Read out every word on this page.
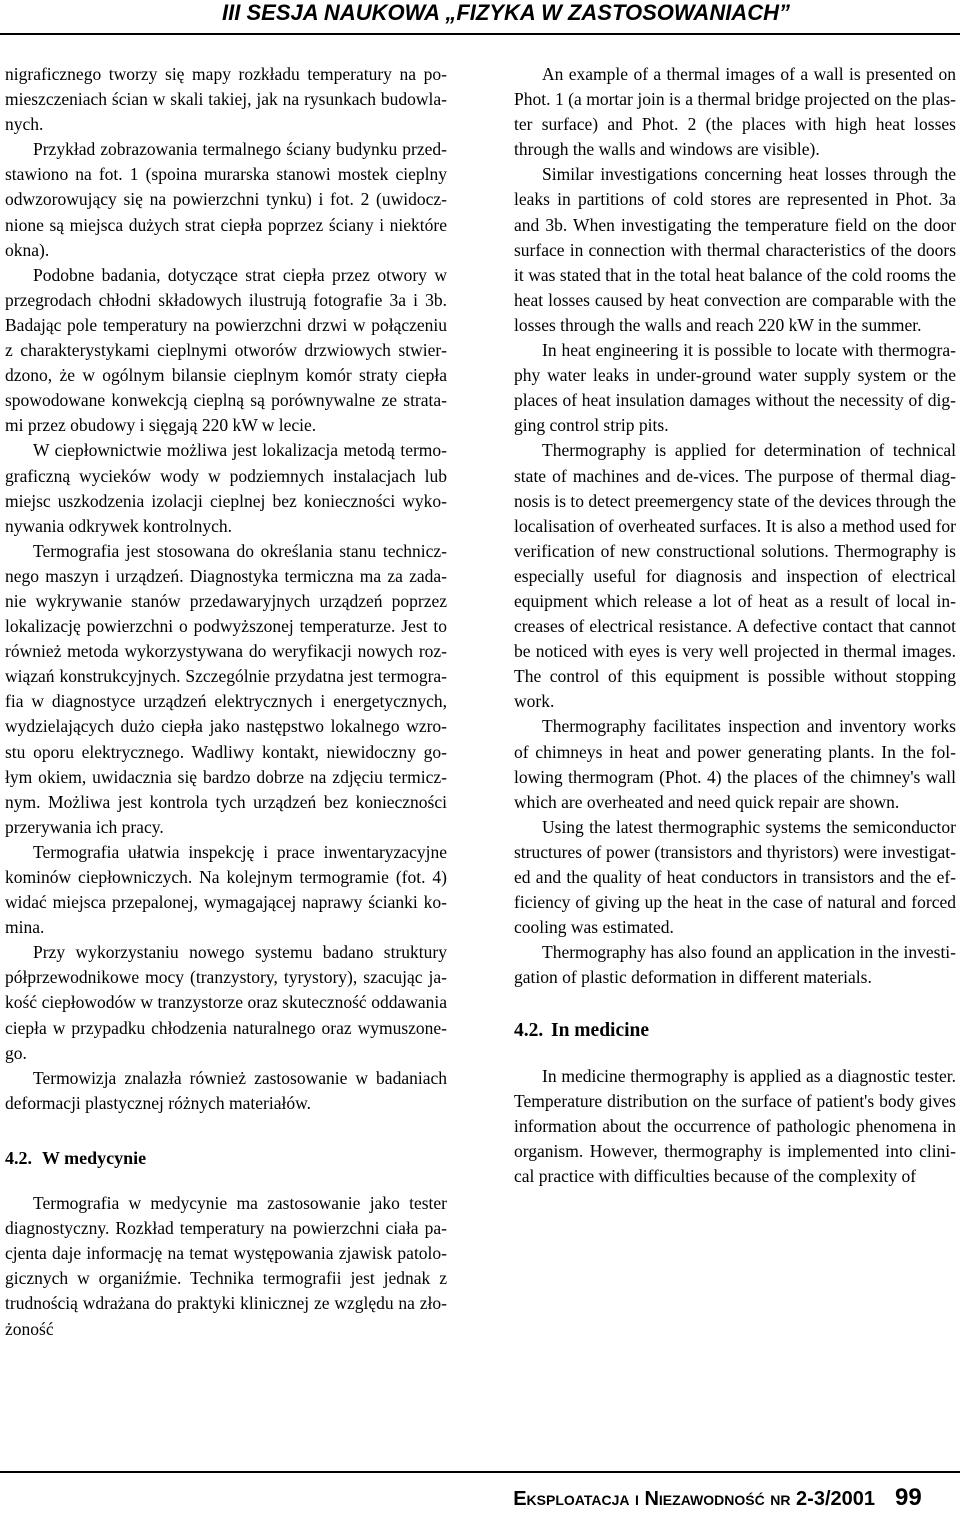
III SESJA NAUKOWA „FIZYKA W ZASTOSOWANIACH”

nigraficznego tworzy się mapy rozkładu temperatury na pomieszczeniach ścian w skali takiej, jak na rysunkach budowlanych.

Przykład zobrazowania termalnego ściany budynku przedstawiono na fot. 1 (spoina murarska stanowi mostek cieplny odwzorowujący się na powierzchni tynku) i fot. 2 (uwidocznione są miejsca dużych strat ciepła poprzez ściany i niektóre okna).

Podobne badania, dotyczące strat ciepła przez otwory w przegrodach chłodni składowych ilustrują fotografie 3a i 3b. Badając pole temperatury na powierzchni drzwi w połączeniu z charakterystykami cieplnymi otworów drzwiowych stwierdzono, że w ogólnym bilansie cieplnym komór straty ciepła spowodowane konwekcją cieplną są porównywalne ze stratami przez obudowy i sięgają 220 kW w lecie.

W ciepłownictwie możliwa jest lokalizacja metodą termograficzną wycieków wody w podziemnych instalacjach lub miejsc uszkodzenia izolacji cieplnej bez konieczności wykonywania odkrywek kontrolnych.

Termografia jest stosowana do określania stanu technicznego maszyn i urządzeń. Diagnostyka termiczna ma za zadanie wykrywanie stanów przedawaryjnych urządzeń poprzez lokalizację powierzchni o podwyższonej temperaturze. Jest to również metoda wykorzystywana do weryfikacji nowych rozwiązań konstrukcyjnych. Szczególnie przydatna jest termografia w diagnostyce urządzeń elektrycznych i energetycznych, wydzielających dużo ciepła jako następstwo lokalnego wzrostu oporu elektrycznego. Wadliwy kontakt, niewidoczny gołym okiem, uwidacznia się bardzo dobrze na zdjęciu termicznym. Możliwa jest kontrola tych urządzeń bez konieczności przerywania ich pracy.

Termografia ułatwia inspekcję i prace inwentaryzacyjne kominów ciepłowniczych. Na kolejnym termogramie (fot. 4) widać miejsca przepalonej, wymagającej naprawy ścianki komina.

Przy wykorzystaniu nowego systemu badano struktury półprzewodnikowe mocy (tranzystory, tyrystory), szacując jakość ciepłowodów w tranzystorze oraz skuteczność oddawania ciepła w przypadku chłodzenia naturalnego oraz wymuszonego.

Termowizja znalazła również zastosowanie w badaniach deformacji plastycznej różnych materiałów.

4.2. W medycynie

Termografia w medycynie ma zastosowanie jako tester diagnostyczny. Rozkład temperatury na powierzchni ciała pacjenta daje informację na temat występowania zjawisk patologicznych w organiźmie. Technika termografii jest jednak z trudnością wdrażana do praktyki klinicznej ze względu na złożoność

An example of a thermal images of a wall is presented on Phot. 1 (a mortar join is a thermal bridge projected on the plaster surface) and Phot. 2 (the places with high heat losses through the walls and windows are visible).

Similar investigations concerning heat losses through the leaks in partitions of cold stores are represented in Phot. 3a and 3b. When investigating the temperature field on the door surface in connection with thermal characteristics of the doors it was stated that in the total heat balance of the cold rooms the heat losses caused by heat convection are comparable with the losses through the walls and reach 220 kW in the summer.

In heat engineering it is possible to locate with thermography water leaks in under-ground water supply system or the places of heat insulation damages without the necessity of digging control strip pits.

Thermography is applied for determination of technical state of machines and de-vices. The purpose of thermal diagnosis is to detect preemergency state of the devices through the localisation of overheated surfaces. It is also a method used for verification of new constructional solutions. Thermography is especially useful for diagnosis and inspection of electrical equipment which release a lot of heat as a result of local increases of electrical resistance. A defective contact that cannot be noticed with eyes is very well projected in thermal images. The control of this equipment is possible without stopping work.

Thermography facilitates inspection and inventory works of chimneys in heat and power generating plants. In the following thermogram (Phot. 4) the places of the chimney's wall which are overheated and need quick repair are shown.

Using the latest thermographic systems the semiconductor structures of power (transistors and thyristors) were investigated and the quality of heat conductors in transistors and the efficiency of giving up the heat in the case of natural and forced cooling was estimated.

Thermography has also found an application in the investigation of plastic deformation in different materials.

4.2. In medicine

In medicine thermography is applied as a diagnostic tester. Temperature distribution on the surface of patient's body gives information about the occurrence of pathologic phenomena in organism. However, thermography is implemented into clinical practice with difficulties because of the complexity of

Eksploatacja i Niezawodność nr 2-3/2001 99
